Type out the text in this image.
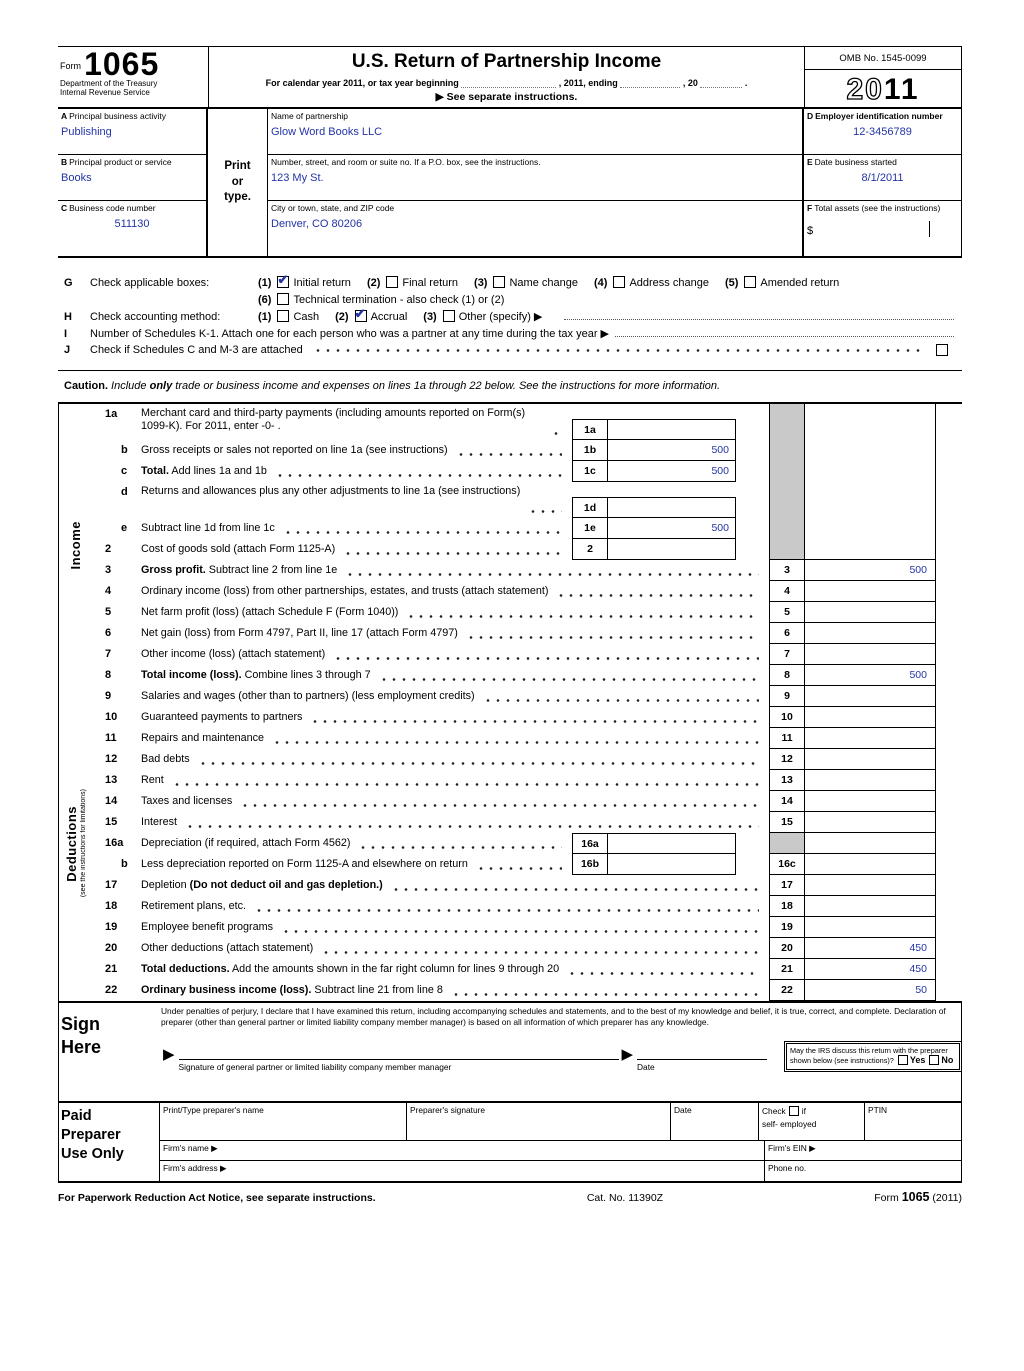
$^{Form}$ 1065
Department of the Treasury
Internal Revenue Service
U.S. Return of Partnership Income
For calendar year 2011, or tax year beginning	, 2011, ending	, 20	.
▶ See separate instructions.
OMB No. 1545-0099
2011
A Principal business activity
Publishing
B Principal product or service
Books
C Business code number
511130
Print
or
type.
Name of partnership
Glow Word Books LLC
Number, street, and room or suite no. If a P.O. box, see the instructions.
123 My St.
City or town, state, and ZIP code
Denver, CO 80206
D Employer identification number
12-3456789
E Date business started
8/1/2011
F Total assets (see the instructions)
$
G	Check applicable boxes:	(1) ✔ Initial return (2) Final return (3) Name change (4) Address change (5) Amended return
(6) Technical termination - also check (1) or (2)
H	Check accounting method:	(1) Cash (2) ✔ Accrual (3) Other (specify) ▶
I	Number of Schedules K-1. Attach one for each person who was a partner at any time during the tax year ▶
J	Check if Schedules C and M-3 are attached
Caution. Include only trade or business income and expenses on lines 1a through 22 below. See the instructions for more information.
Income
1a	Merchant card and third-party payments (including amounts reported on Form(s) 1099-K). For 2011, enter -0- .	1a
b	Gross receipts or sales not reported on line 1a (see instructions)	1b	500
c	Total. Add lines 1a and 1b	1c	500
d	Returns and allowances plus any other adjustments to line 1a (see instructions)
1d
e	Subtract line 1d from line 1c	1e	500
2	Cost of goods sold (attach Form 1125-A)	2
3	Gross profit. Subtract line 2 from line 1e	3	500
4	Ordinary income (loss) from other partnerships, estates, and trusts (attach statement)	4
5	Net farm profit (loss) (attach Schedule F (Form 1040))	5
6	Net gain (loss) from Form 4797, Part II, line 17 (attach Form 4797)	6
7	Other income (loss) (attach statement)	7
8	Total income (loss). Combine lines 3 through 7	8	500
Deductions (see the instructions for limitations)
9	Salaries and wages (other than to partners) (less employment credits)	9
10	Guaranteed payments to partners	10
11	Repairs and maintenance	11
12	Bad debts	12
13	Rent	13
14	Taxes and licenses	14
15	Interest	15
16a	Depreciation (if required, attach Form 4562)	16a
b	Less depreciation reported on Form 1125-A and elsewhere on return	16b	16c
17	Depletion (Do not deduct oil and gas depletion.)	17
18	Retirement plans, etc.	18
19	Employee benefit programs	19
20	Other deductions (attach statement)	20	450
21	Total deductions. Add the amounts shown in the far right column for lines 9 through 20	21	450
22	Ordinary business income (loss). Subtract line 21 from line 8	22	50
Sign
Here
Under penalties of perjury, I declare that I have examined this return, including accompanying schedules and statements, and to the best of my knowledge and belief, it is true, correct, and complete. Declaration of preparer (other than general partner or limited liability company member manager) is based on all information of which preparer has any knowledge.
May the IRS discuss this return with the preparer shown below (see instructions)? Yes No
▶
Signature of general partner or limited liability company member manager
▶
Date
Paid
Preparer
Use Only
Print/Type preparer's name	Preparer's signature	Date	Check if
self- employed
PTIN
Firm's name ▶	Firm's EIN ▶
Firm's address ▶	Phone no.
For Paperwork Reduction Act Notice, see separate instructions.	Cat. No. 11390Z	Form 1065 (2011)
